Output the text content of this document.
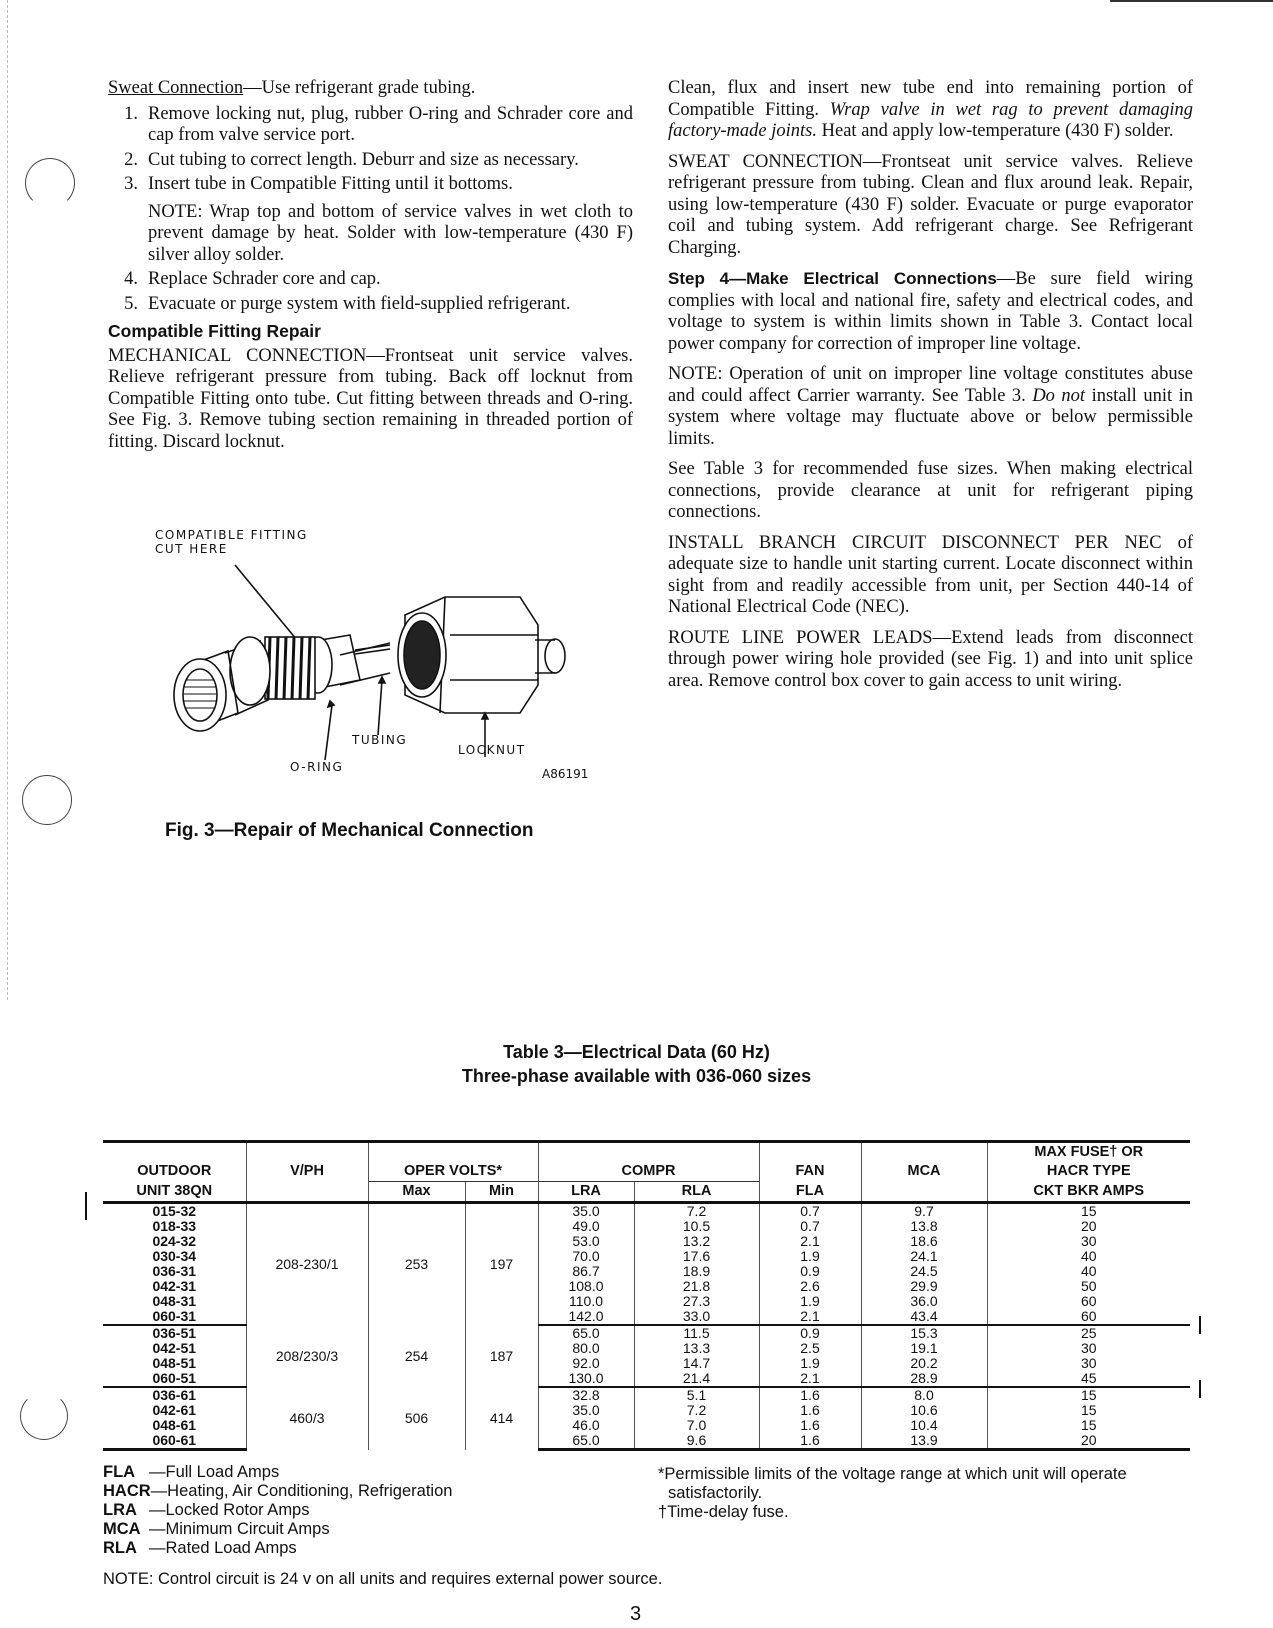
Sweat Connection—Use refrigerant grade tubing.

1. Remove locking nut, plug, rubber O-ring and Schrader core and cap from valve service port.
2. Cut tubing to correct length. Deburr and size as necessary.
3. Insert tube in Compatible Fitting until it bottoms.
NOTE: Wrap top and bottom of service valves in wet cloth to prevent damage by heat. Solder with low-temperature (430 F) silver alloy solder.
4. Replace Schrader core and cap.
5. Evacuate or purge system with field-supplied refrigerant.
Compatible Fitting Repair

MECHANICAL CONNECTION—Frontseat unit service valves. Relieve refrigerant pressure from tubing. Back off locknut from Compatible Fitting onto tube. Cut fitting between threads and O-ring. See Fig. 3. Remove tubing section remaining in threaded portion of fitting. Discard locknut.

COMPATIBLE FITTING
CUT HERE
TUBING
LOCKNUT
O-RING	A86191
Fig. 3—Repair of Mechanical Connection

Clean, flux and insert new tube end into remaining portion of Compatible Fitting. Wrap valve in wet rag to prevent damaging factory-made joints. Heat and apply low-temperature (430 F) solder.

SWEAT CONNECTION—Frontseat unit service valves. Relieve refrigerant pressure from tubing. Clean and flux around leak. Repair, using low-temperature (430 F) solder. Evacuate or purge evaporator coil and tubing system. Add refrigerant charge. See Refrigerant Charging.

Step 4—Make Electrical Connections—Be sure field wiring complies with local and national fire, safety and electrical codes, and voltage to system is within limits shown in Table 3. Contact local power company for correction of improper line voltage.

NOTE: Operation of unit on improper line voltage constitutes abuse and could affect Carrier warranty. See Table 3. Do not install unit in system where voltage may fluctuate above or below permissible limits.

See Table 3 for recommended fuse sizes. When making electrical connections, provide clearance at unit for refrigerant piping connections.

INSTALL BRANCH CIRCUIT DISCONNECT PER NEC of adequate size to handle unit starting current. Locate disconnect within sight from and readily accessible from unit, per Section 440-14 of National Electrical Code (NEC).

ROUTE LINE POWER LEADS—Extend leads from disconnect through power wiring hole provided (see Fig. 1) and into unit splice area. Remove control box cover to gain access to unit wiring.

Table 3—Electrical Data (60 Hz)
Three-phase available with 036-060 sizes
								MAX FUSE† OR
OUTDOOR	V/PH	OPER VOLTS*		COMPR		FAN	MCA	HACR TYPE
UNIT 38QN		Max	Min	LRA	RLA	FLA		CKT BKR AMPS
015-32	208-230/1	253	197	35.0	7.2	0.7	9.7	15
018-33				49.0	10.5	0.7	13.8	20
024-32				53.0	13.2	2.1	18.6	30
030-34				70.0	17.6	1.9	24.1	40
036-31				86.7	18.9	0.9	24.5	40
042-31				108.0	21.8	2.6	29.9	50
048-31				110.0	27.3	1.9	36.0	60
060-31				142.0	33.0	2.1	43.4	60
036-51	208/230/3	254	187	65.0	11.5	0.9	15.3	25
042-51				80.0	13.3	2.5	19.1	30
048-51				92.0	14.7	1.9	20.2	30
060-51				130.0	21.4	2.1	28.9	45
036-61	460/3	506	414	32.8	5.1	1.6	8.0	15
042-61				35.0	7.2	1.6	10.6	15
048-61				46.0	7.0	1.6	10.4	15
060-61				65.0	9.6	1.6	13.9	20
FLA —Full Load Amps
HACR —Heating, Air Conditioning, Refrigeration
LRA —Locked Rotor Amps
MCA —Minimum Circuit Amps
RLA —Rated Load Amps
*Permissible limits of the voltage range at which unit will operate
satisfactorily.
†Time-delay fuse.
NOTE: Control circuit is 24 v on all units and requires external power source.
3
